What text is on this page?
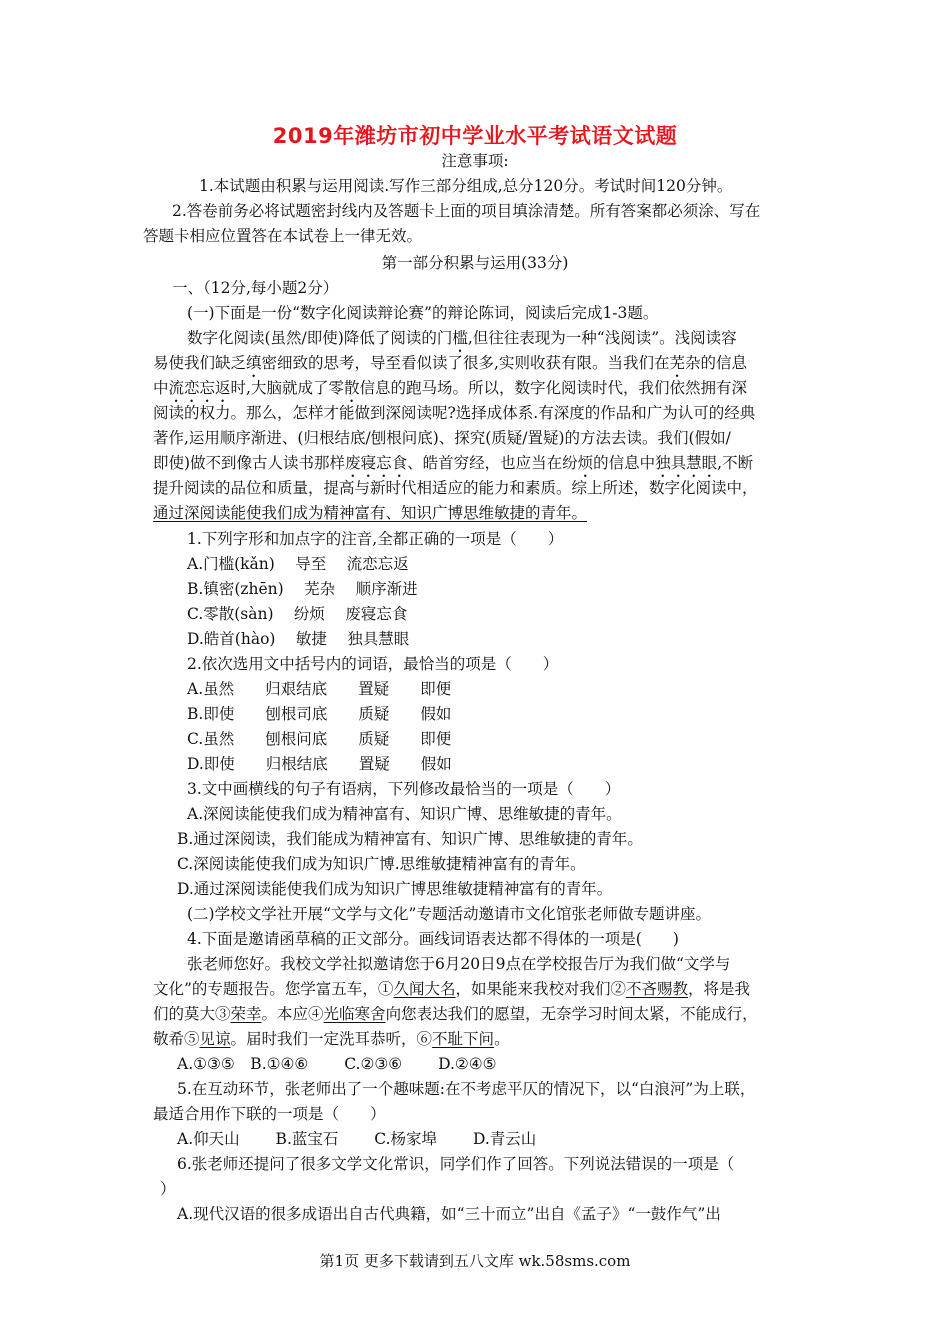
2019年潍坊市初中学业水平考试语文试题
注意事项:
1.本试题由积累与运用阅读.写作三部分组成,总分120分。考试时间120分钟。
2.答卷前务必将试题密封线内及答题卡上面的项目填涂清楚。所有答案都必须涂、写在
答题卡相应位置答在本试卷上一律无效。
第一部分积累与运用(33分)
一、（12分,每小题2分）
(一)下面是一份“数字化阅读辩论赛”的辩论陈词，阅读后完成1-3题。
数字化阅读(虽然/即使)降低了阅读的门槛,但往往表现为一种“浅阅读”。浅阅读容
易使我们缺乏缜密细致的思考，导至看似读了很多,实则收获有限。当我们在芜杂的信息
中流恋忘返时,大脑就成了零散信息的跑马场。所以，数字化阅读时代，我们依然拥有深
阅读的权力。那么，怎样才能做到深阅读呢?选择成体系.有深度的作品和广为认可的经典
著作,运用顺序渐进、(归根结底/刨根问底)、探究(质疑/置疑)的方法去读。我们(假如/
即使)做不到像古人读书那样废寝忘食、皓首穷经，也应当在纷烦的信息中独具慧眼,不断
提升阅读的品位和质量，提高与新时代相适应的能力和素质。综上所述，数字化阅读中，
通过深阅读能使我们成为精神富有、知识广博思维敏捷的青年。
1.下列字形和加点字的注音,全都正确的一项是（　　）
A.门槛(kǎn)　 导至　 流恋忘返
B.镇密(zhēn)　 芜杂　 顺序渐进
C.零散(sàn)　 纷烦　 废寝忘食
D.皓首(hào)　 敏捷　 独具慧眼
2.依次选用文中括号内的词语，最恰当的项是（　　）
A.虽然　　归艰结底　　置疑　　即便
B.即使　　刨根司底　　质疑　　假如
C.虽然　　刨根问底　　质疑　　即便
D.即使　　归根结底　　置疑　　假如
3.文中画横线的句子有语病，下列修改最恰当的一项是（　　）
A.深阅读能使我们成为精神富有、知识广博、思维敏捷的青年。
B.通过深阅读，我们能成为精神富有、知识广博、思维敏捷的青年。
C.深阅读能使我们成为知识广博.思维敏捷精神富有的青年。
D.通过深阅读能使我们成为知识广博思维敏捷精神富有的青年。
(二)学校文学社开展“文学与文化”专题活动邀请市文化馆张老师做专题讲座。
4.下面是邀请函草稿的正文部分。画线词语表达都不得体的一项是(　　)
张老师您好。我校文学社拟邀请您于6月20日9点在学校报告厅为我们做“文学与
文化”的专题报告。您学富五车，①久闻大名，如果能来我校对我们②不吝赐教，将是我
们的莫大③荣幸。本应④光临寒舍向您表达我们的愿望，无奈学习时间太紧，不能成行，
敬希⑤见谅。届时我们一定洗耳恭听，⑥不耻下问。
A.①③⑤　B.①④⑥　　 C.②③⑥　　 D.②④⑤
5.在互动环节，张老师出了一个趣味题:在不考虑平仄的情况下，以“白浪河”为上联，
最适合用作下联的一项是（　　）
A.仰天山　　 B.蓝宝石　　 C.杨家埠　　 D.青云山
6.张老师还提问了很多文学文化常识，同学们作了回答。下列说法错误的一项是（
）
A.现代汉语的很多成语出自古代典籍，如“三十而立”出自《孟子》“一鼓作气”出
第1页 更多下载请到五八文库 wk.58sms.com
